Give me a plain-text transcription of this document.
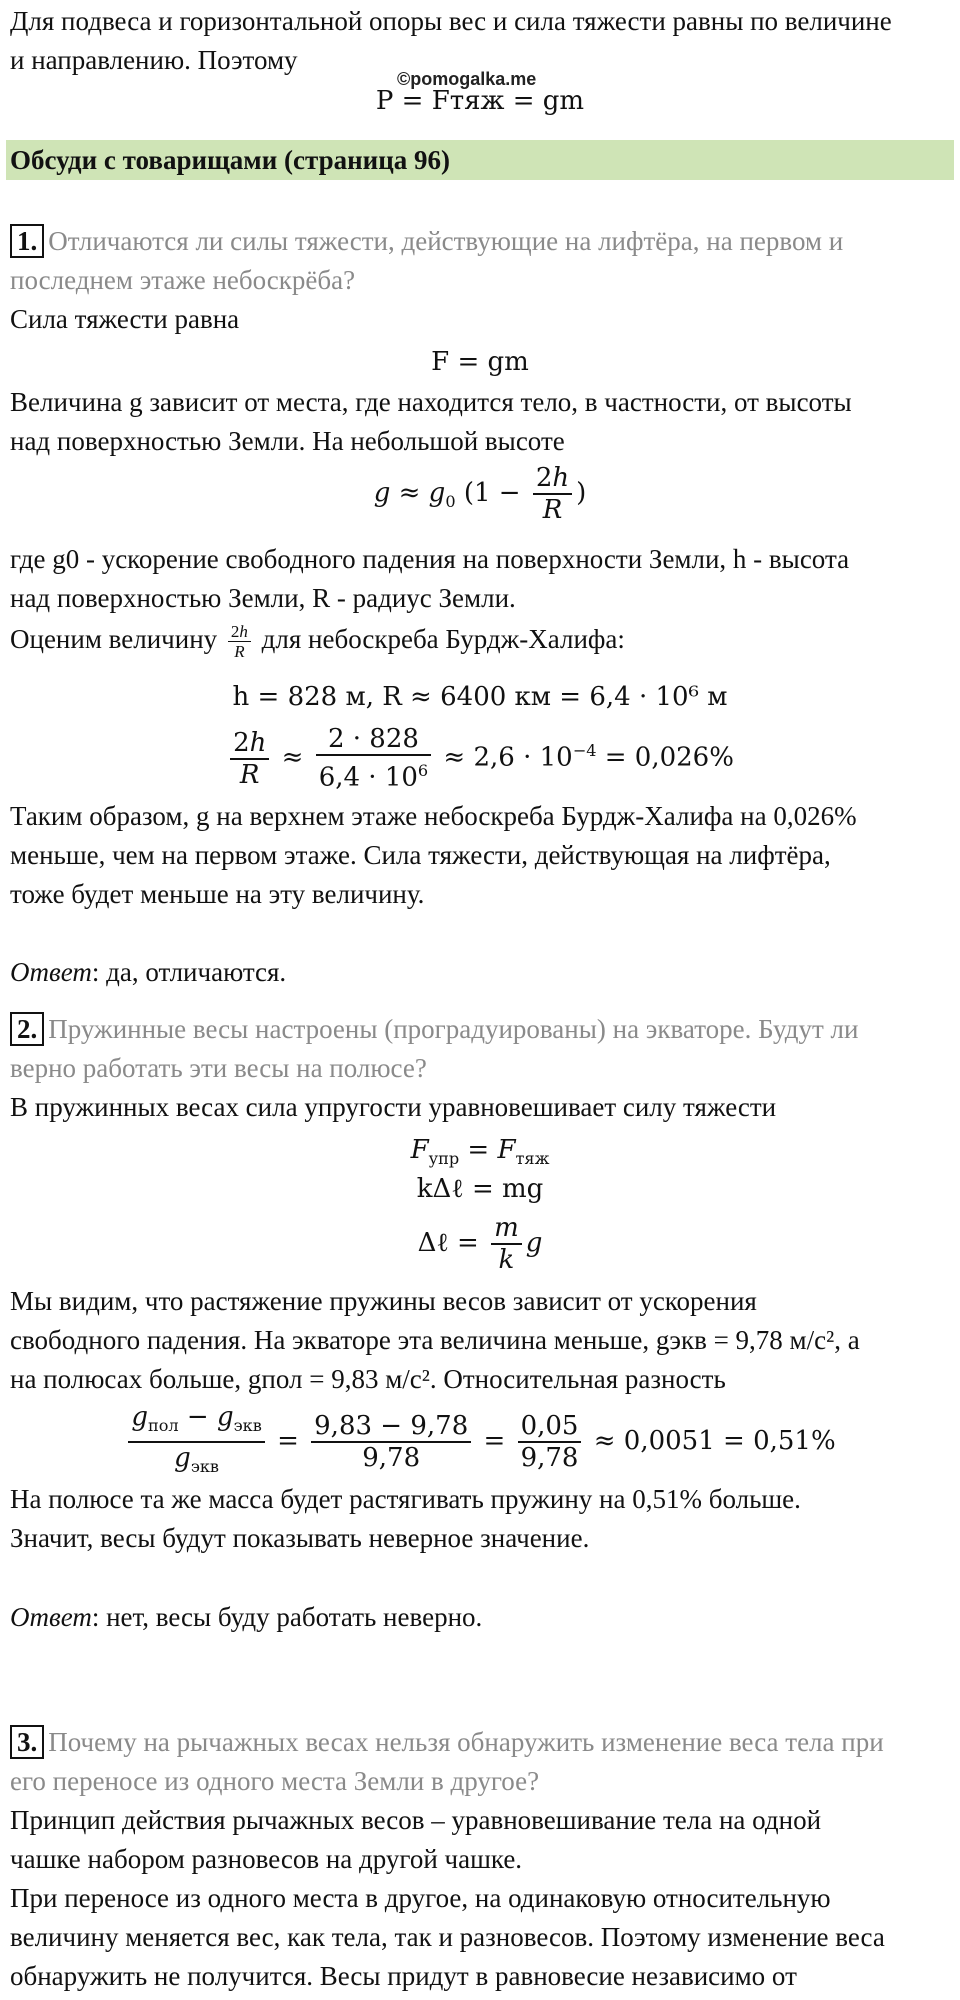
Для подвеса и горизонтальной опоры вес и сила тяжести равны по величине
и направлению. Поэтому
©pomogalka.me
P = Fтяж = gm
Обсуди с товарищами (страница 96)
1. Отличаются ли силы тяжести, действующие на лифтёра, на первом и
последнем этаже небоскрёба?
Сила тяжести равна
F = gm
Величина g зависит от места, где находится тело, в частности, от высоты
над поверхностью Земли. На небольшой высоте
$g \approx g_0$ ($1 - \frac{2h}{R}$ )
где g0 - ускорение свободного падения на поверхности Земли, h - высота
над поверхностью Земли, R - радиус Земли.
Оценим величину $\frac{2h}{R}$ для небоскреба Бурдж-Халифа:
h = 828 м, R ≈ 6400 км = 6,4 · 10⁶ м
$\frac{2h}{R} \approx \frac{2 \cdot 828}{6,4 \cdot 10^6} \approx 2,6 \cdot 10^{-4} = 0,026\%$
Таким образом, g на верхнем этаже небоскреба Бурдж-Халифа на 0,026%
меньше, чем на первом этаже. Сила тяжести, действующая на лифтёра,
тоже будет меньше на эту величину.
Ответ: да, отличаются.
2. Пружинные весы настроены (проградуированы) на экваторе. Будут ли
верно работать эти весы на полюсе?
В пружинных весах сила упругости уравновешивает силу тяжести
$F_{упр} = F_{тяж}$
kΔℓ = mg
Δℓ = $\frac{m}{k}$ g
Мы видим, что растяжение пружины весов зависит от ускорения
свободного падения. На экваторе эта величина меньше, gэкв = 9,78 м/с², а
на полюсах больше, gпол = 9,83 м/с². Относительная разность
$\frac{g_{пол} - g_{экв}}{g_{экв}} = \frac{9,83 - 9,78}{9,78} = \frac{0,05}{9,78} \approx 0,0051 = 0,51\%$
На полюсе та же масса будет растягивать пружину на 0,51% больше.
Значит, весы будут показывать неверное значение.
Ответ: нет, весы буду работать неверно.
3. Почему на рычажных весах нельзя обнаружить изменение веса тела при
его переносе из одного места Земли в другое?
Принцип действия рычажных весов – уравновешивание тела на одной
чашке набором разновесов на другой чашке.
При переносе из одного места в другое, на одинаковую относительную
величину меняется вес, как тела, так и разновесов. Поэтому изменение веса
обнаружить не получится. Весы придут в равновесие независимо от
